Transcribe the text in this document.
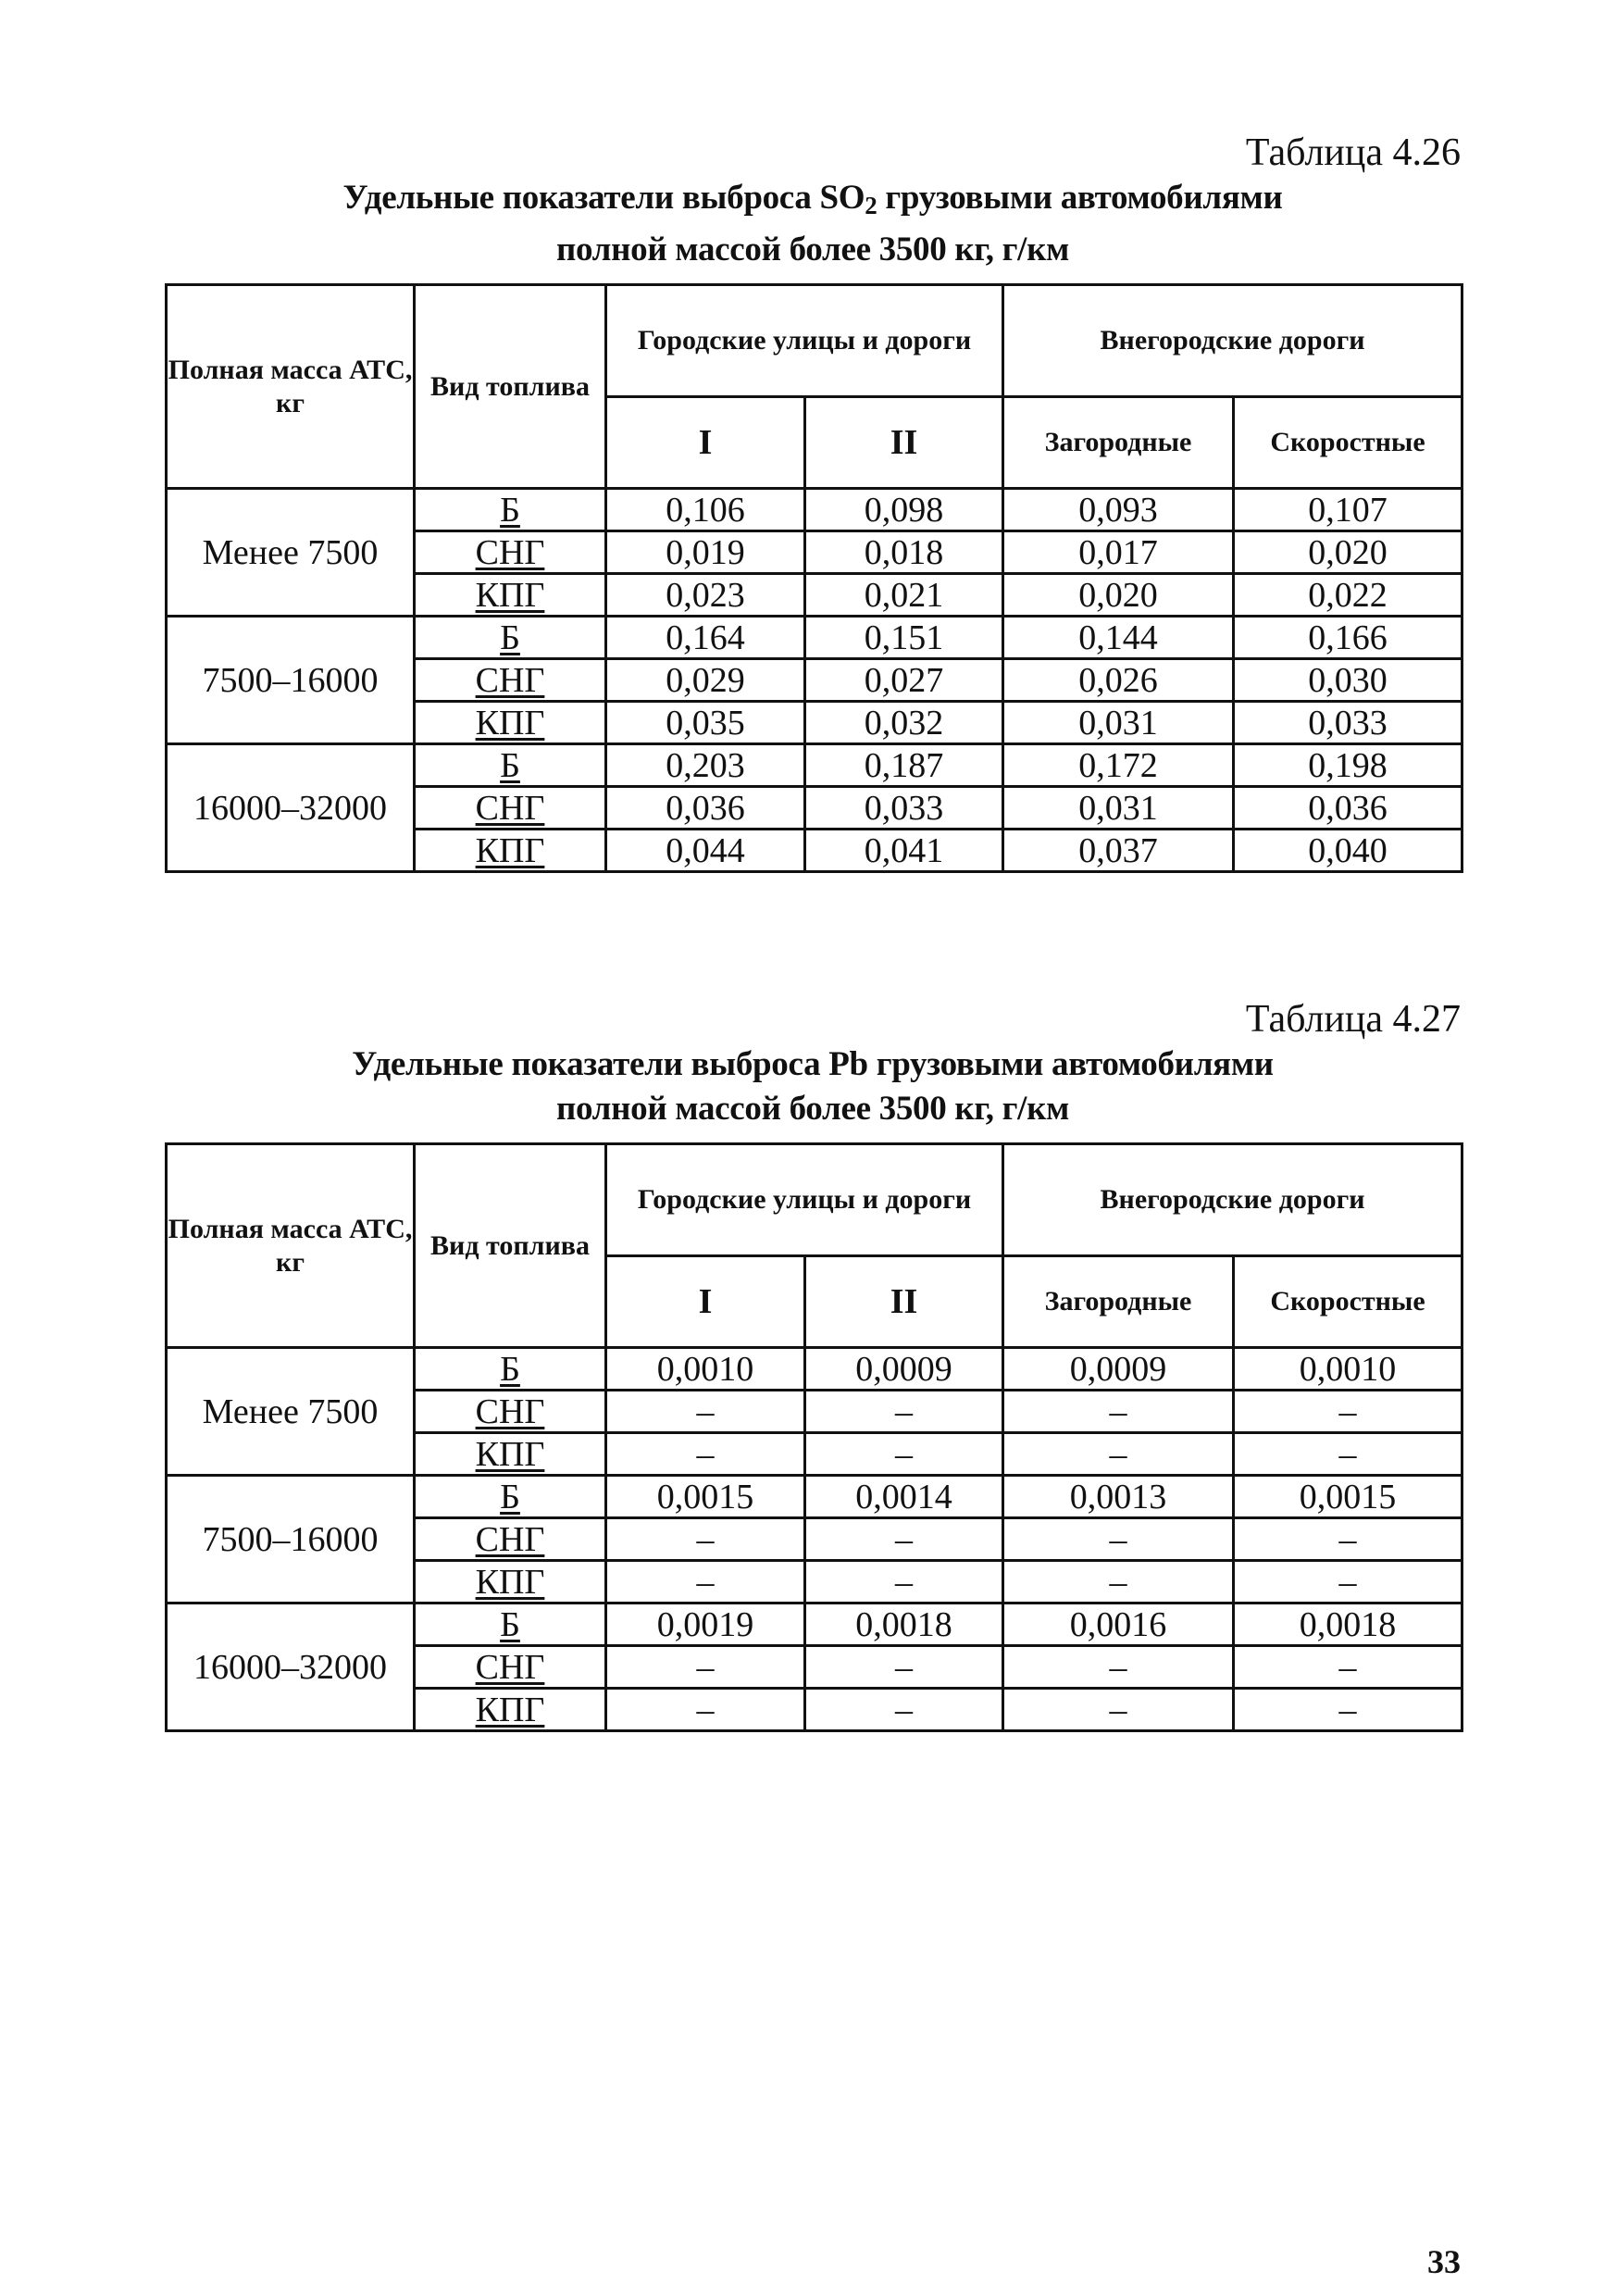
Таблица 4.26
Удельные показатели выброса $SO_2$ грузовыми автомобилями
полной массой более 3500 кг, г/км
Полная масса АТС, кг	Вид топлива	Городские улицы и дороги		Внегородские дороги	
		I	II	Загородные	Скоростные
Менее 7500	Б	0,106	0,098	0,093	0,107
	СНГ	0,019	0,018	0,017	0,020
	КПГ	0,023	0,021	0,020	0,022
7500–16000	Б	0,164	0,151	0,144	0,166
	СНГ	0,029	0,027	0,026	0,030
	КПГ	0,035	0,032	0,031	0,033
16000–32000	Б	0,203	0,187	0,172	0,198
	СНГ	0,036	0,033	0,031	0,036
	КПГ	0,044	0,041	0,037	0,040
Таблица 4.27
Удельные показатели выброса Pb грузовыми автомобилями
полной массой более 3500 кг, г/км
Полная масса АТС, кг	Вид топлива	Городские улицы и дороги		Внегородские дороги	
		I	II	Загородные	Скоростные
Менее 7500	Б	0,0010	0,0009	0,0009	0,0010
	СНГ	–	–	–	–
	КПГ	–	–	–	–
7500–16000	Б	0,0015	0,0014	0,0013	0,0015
	СНГ	–	–	–	–
	КПГ	–	–	–	–
16000–32000	Б	0,0019	0,0018	0,0016	0,0018
	СНГ	–	–	–	–
	КПГ	–	–	–	–
33
